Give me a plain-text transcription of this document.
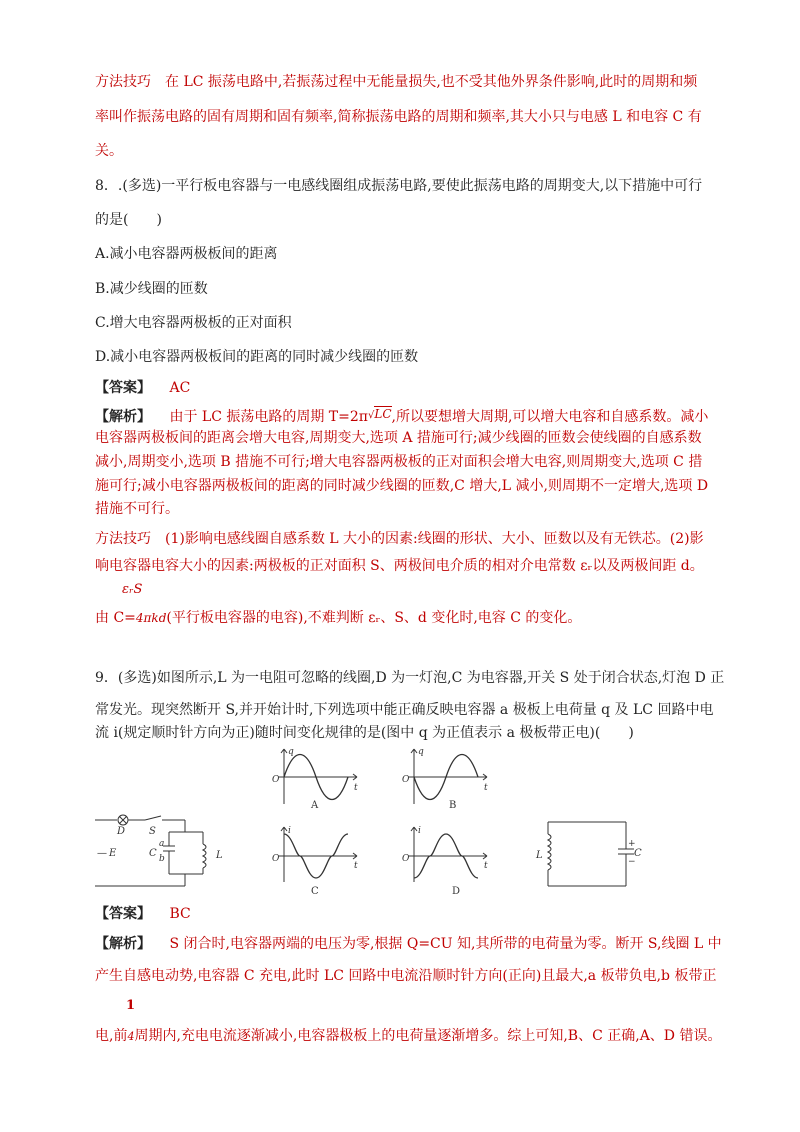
方法技巧　在 LC 振荡电路中,若振荡过程中无能量损失,也不受其他外界条件影响,此时的周期和频
率叫作振荡电路的固有周期和固有频率,简称振荡电路的周期和频率,其大小只与电感 L 和电容 C 有
关。
8．.(多选)一平行板电容器与一电感线圈组成振荡电路,要使此振荡电路的周期变大,以下措施中可行
的是(　　)
A.减小电容器两极板间的距离
B.减少线圈的匝数
C.增大电容器两极板的正对面积
D.减小电容器两极板间的距离的同时减少线圈的匝数
【答案】 AC
【解析】 由于 LC 振荡电路的周期 T=2π√LC,所以要想增大周期,可以增大电容和自感系数。减小
电容器两极板间的距离会增大电容,周期变大,选项 A 措施可行;减少线圈的匝数会使线圈的自感系数
减小,周期变小,选项 B 措施不可行;增大电容器两极板的正对面积会增大电容,则周期变大,选项 C 措
施可行;减小电容器两极板间的距离的同时减少线圈的匝数,C 增大,L 减小,则周期不一定增大,选项 D
措施不可行。
方法技巧　(1)影响电感线圈自感系数 L 大小的因素:线圈的形状、大小、匝数以及有无铁芯。(2)影
响电容器电容大小的因素:两极板的正对面积 S、两极间电介质的相对介电常数 εᵣ以及两极间距 d。
εᵣS
由 C=4πkd(平行板电容器的电容),不难判断 εᵣ、S、d 变化时,电容 C 的变化。
9．(多选)如图所示,L 为一电阻可忽略的线圈,D 为一灯泡,C 为电容器,开关 S 处于闭合状态,灯泡 D 正
常发光。现突然断开 S,并开始计时,下列选项中能正确反映电容器 a 极板上电荷量 q 及 LC 回路中电
流 i(规定顺时针方向为正)随时间变化规律的是(图中 q 为正值表示 a 极板带正电)(　　)
D S
— E	C
a
b	L
q
O
t
A
q
O
t
B
i
O
t
C
i
O
t
D
L
+
−
C
【答案】 BC
【解析】 S 闭合时,电容器两端的电压为零,根据 Q=CU 知,其所带的电荷量为零。断开 S,线圈 L 中
产生自感电动势,电容器 C 充电,此时 LC 回路中电流沿顺时针方向(正向)且最大,a 板带负电,b 板带正
1
电,前4周期内,充电电流逐渐减小,电容器极板上的电荷量逐渐增多。综上可知,B、C 正确,A、D 错误。
